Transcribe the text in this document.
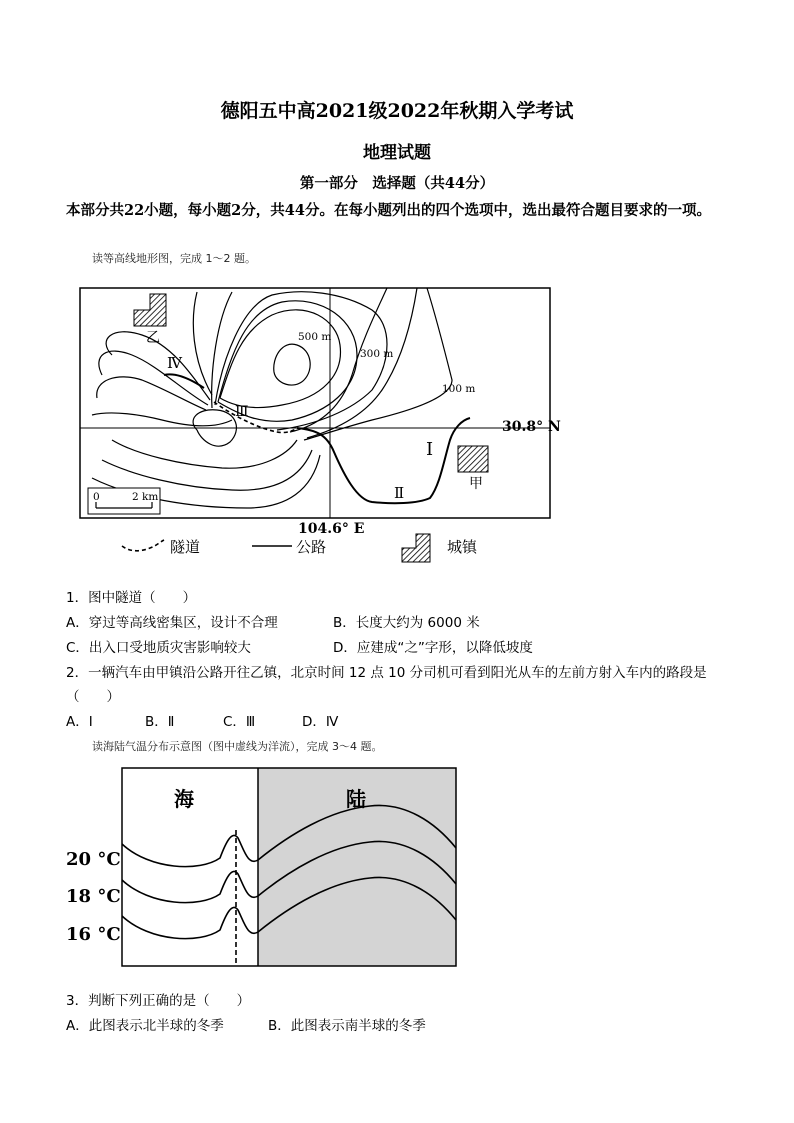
德阳五中高2021级2022年秋期入学考试
地理试题
第一部分　选择题（共44分）
本部分共22小题，每小题2分，共44分。在每小题列出的四个选项中，选出最符合题目要求的一项。
读等高线地形图，完成 1～2 题。
乙
甲
Ⅰ
Ⅱ
Ⅲ
Ⅳ
500 m
300 m
100 m
30.8° N
104.6° E
0	2 km
隧道	公路	城镇
1．图中隧道（　　）
A．穿过等高线密集区，设计不合理	B．长度大约为 6000 米
C．出入口受地质灾害影响较大	D．应建成“之”字形，以降低坡度
2．一辆汽车由甲镇沿公路开往乙镇，北京时间 12 点 10 分司机可看到阳光从车的左前方射入车内的路段是
（　　）
A．Ⅰ	B．Ⅱ	C．Ⅲ	D．Ⅳ
读海陆气温分布示意图（图中虚线为洋流），完成 3～4 题。
海	陆
20 °C
18 °C
16 °C
3．判断下列正确的是（　　）
A．此图表示北半球的冬季	B．此图表示南半球的冬季
